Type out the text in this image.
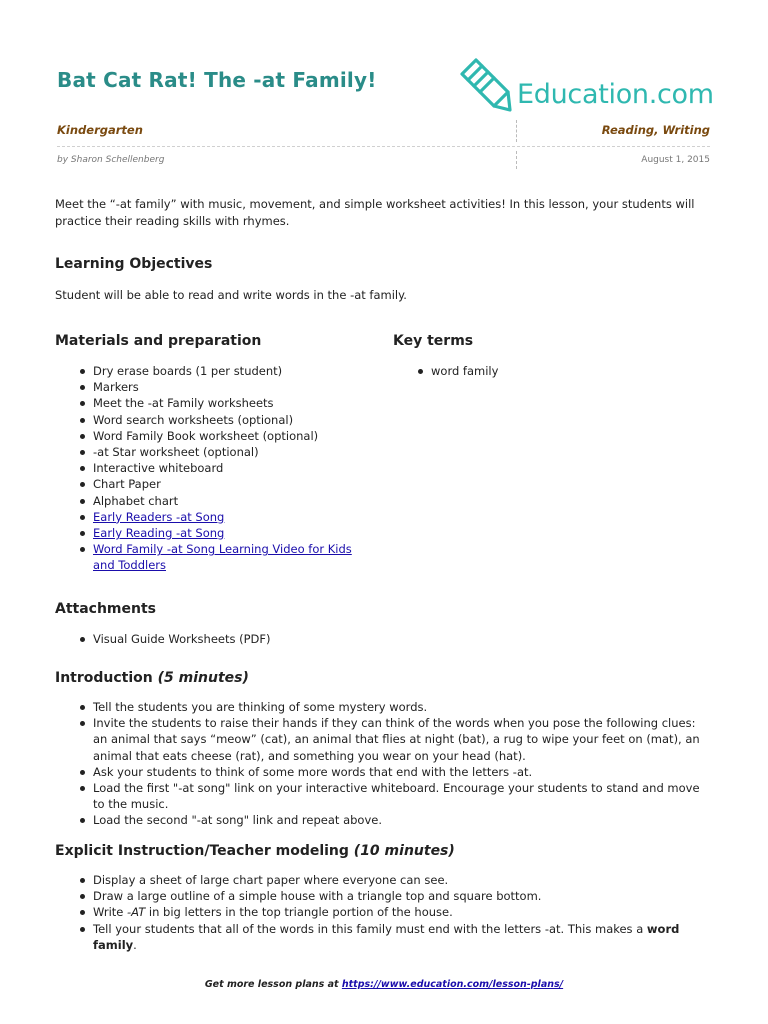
Bat Cat Rat! The -at Family!	Education.com
Kindergarten	Reading, Writing
by Sharon Schellenberg	August 1, 2015

Meet the “-at family” with music, movement, and simple worksheet activities! In this lesson, your students will practice their reading skills with rhymes.

Learning Objectives

Student will be able to read and write words in the -at family.

Materials and preparation
Dry erase boards (1 per student)
Markers
Meet the -at Family worksheets
Word search worksheets (optional)
Word Family Book worksheet (optional)
-at Star worksheet (optional)
Interactive whiteboard
Chart Paper
Alphabet chart
Early Readers -at Song
Early Reading -at Song
Word Family -at Song Learning Video for Kids and Toddlers
Key terms
word family
Attachments
Visual Guide Worksheets (PDF)
Introduction (5 minutes)
Tell the students you are thinking of some mystery words.
Invite the students to raise their hands if they can think of the words when you pose the following clues: an animal that says “meow” (cat), an animal that flies at night (bat), a rug to wipe your feet on (mat), an animal that eats cheese (rat), and something you wear on your head (hat).
Ask your students to think of some more words that end with the letters -at.
Load the first "-at song" link on your interactive whiteboard. Encourage your students to stand and move to the music.
Load the second "-at song" link and repeat above.
Explicit Instruction/Teacher modeling (10 minutes)
Display a sheet of large chart paper where everyone can see.
Draw a large outline of a simple house with a triangle top and square bottom.
Write -AT in big letters in the top triangle portion of the house.
Tell your students that all of the words in this family must end with the letters -at. This makes a word family.
Get more lesson plans at https://www.education.com/lesson-plans/
